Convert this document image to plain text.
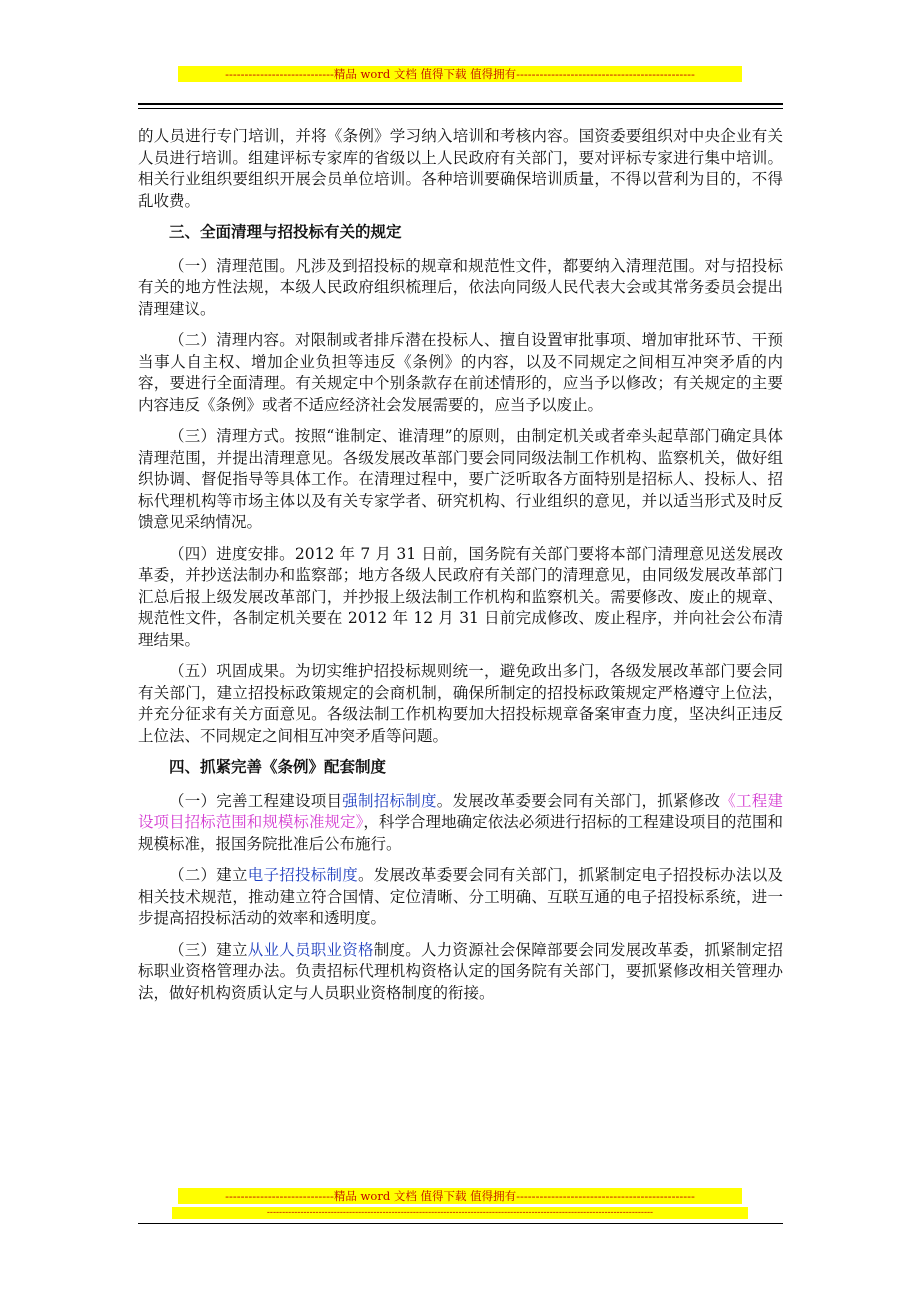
----------------------------精品 word 文档 值得下载 值得拥有----------------------------------------------

的人员进行专门培训，并将《条例》学习纳入培训和考核内容。国资委要组织对中央企业有关人员进行培训。组建评标专家库的省级以上人民政府有关部门，要对评标专家进行集中培训。相关行业组织要组织开展会员单位培训。各种培训要确保培训质量，不得以营利为目的，不得乱收费。

三、全面清理与招投标有关的规定

（一）清理范围。凡涉及到招投标的规章和规范性文件，都要纳入清理范围。对与招投标有关的地方性法规，本级人民政府组织梳理后，依法向同级人民代表大会或其常务委员会提出清理建议。

（二）清理内容。对限制或者排斥潜在投标人、擅自设置审批事项、增加审批环节、干预当事人自主权、增加企业负担等违反《条例》的内容，以及不同规定之间相互冲突矛盾的内容，要进行全面清理。有关规定中个别条款存在前述情形的，应当予以修改；有关规定的主要内容违反《条例》或者不适应经济社会发展需要的，应当予以废止。

（三）清理方式。按照“谁制定、谁清理”的原则，由制定机关或者牵头起草部门确定具体清理范围，并提出清理意见。各级发展改革部门要会同同级法制工作机构、监察机关，做好组织协调、督促指导等具体工作。在清理过程中，要广泛听取各方面特别是招标人、投标人、招标代理机构等市场主体以及有关专家学者、研究机构、行业组织的意见，并以适当形式及时反馈意见采纳情况。

（四）进度安排。2012 年 7 月 31 日前，国务院有关部门要将本部门清理意见送发展改革委，并抄送法制办和监察部；地方各级人民政府有关部门的清理意见，由同级发展改革部门汇总后报上级发展改革部门，并抄报上级法制工作机构和监察机关。需要修改、废止的规章、规范性文件，各制定机关要在 2012 年 12 月 31 日前完成修改、废止程序，并向社会公布清理结果。

（五）巩固成果。为切实维护招投标规则统一，避免政出多门，各级发展改革部门要会同有关部门，建立招投标政策规定的会商机制，确保所制定的招投标政策规定严格遵守上位法，并充分征求有关方面意见。各级法制工作机构要加大招投标规章备案审查力度，坚决纠正违反上位法、不同规定之间相互冲突矛盾等问题。

四、抓紧完善《条例》配套制度

（一）完善工程建设项目强制招标制度。发展改革委要会同有关部门，抓紧修改《工程建设项目招标范围和规模标准规定》，科学合理地确定依法必须进行招标的工程建设项目的范围和规模标准，报国务院批准后公布施行。

（二）建立电子招投标制度。发展改革委要会同有关部门，抓紧制定电子招投标办法以及相关技术规范，推动建立符合国情、定位清晰、分工明确、互联互通的电子招投标系统，进一步提高招投标活动的效率和透明度。

（三）建立从业人员职业资格制度。人力资源社会保障部要会同发展改革委，抓紧制定招标职业资格管理办法。负责招标代理机构资格认定的国务院有关部门，要抓紧修改相关管理办法，做好机构资质认定与人员职业资格制度的衔接。

----------------------------精品 word 文档 值得下载 值得拥有----------------------------------------------
-------------------------------------------------------------------------------------------------------------------------------
